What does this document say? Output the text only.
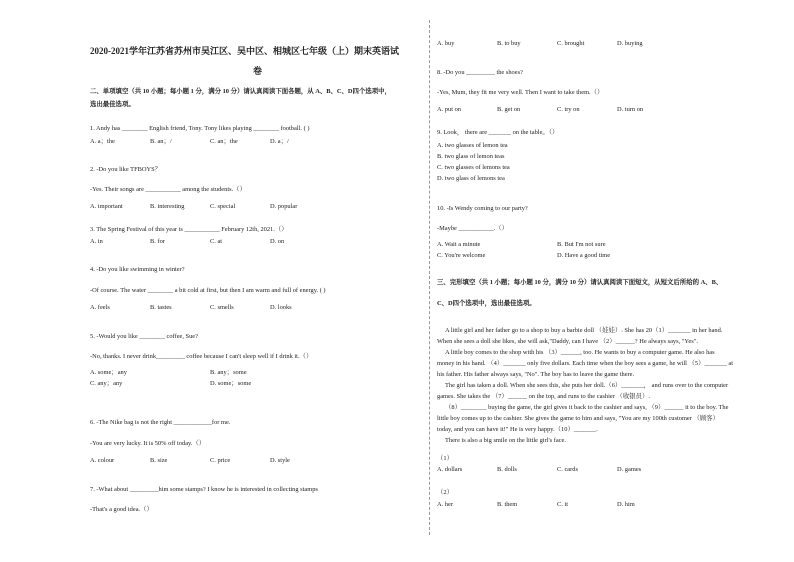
2020-2021学年江苏省苏州市吴江区、吴中区、相城区七年级（上）期末英语试
卷
二、单项填空（共 10 小题；每小题 1 分，满分 10 分）请认真阅读下面各题，从 A、B、C、D四个选项中，
选出最佳选项。
1. Andy has ________ English friend, Tony. Tony likes playing ________ football. ( )
A. a；the	B. an；/	C. an；the	D. a；/
2. -Do you like TFBOYS？
-Yes. Their songs are ___________ among the students.（）
A. important	B. interesting	C. special	D. popular
3. The Spring Festival of this year is ___________ February 12th, 2021.（）
A. in	B. for	C. at	D. on
4. -Do you like swimming in winter?
-Of course. The water ________ a bit cold at first, but then I am warm and full of energy. ( )
A. feels	B. tastes	C. smells	D. looks
5. -Would you like ________ coffee, Sue?
-No, thanks. I never drink_________ coffee because I can't sleep well if I drink it.（）
A. some；any	B. any；some
C. any；any	D. some；some
6. -The Nike bag is not the right ____________for me.
-You are very lucky. It is 50% off today.（）
A. colour	B. size	C. price	D. style
7. -What about _________him some stamps? I know he is interested in collecting stamps
-That's a good idea.（）
A. buy	B. to buy	C. brought	D. buying
8. -Do you _________ the shoes?
-Yes, Mum, they fit me very well. Then I want to take them.（）
A. put on	B. get on	C. try on	D. turn on
9. Look， there are _______ on the table。（）
A. two glasses of lemon tea
B. two glass of lemon teas
C. two glasses of lemons tea
D. two glass of lemons tea
10. -Is Wendy coming to our party?
-Maybe ___________.（）
A. Wait a minute	B. But I'm not sure
C. You're welcome	D. Have a good time
三、完形填空（共 1 小题；每小题 10 分，满分 10 分）请认真阅读下面短文，从短文后所给的 A、B、
C、D四个选项中，选出最佳选项。
A little girl and her father go to a shop to buy a barbie doll （娃娃）. She has 20（1）_______ in her hand.
When she sees a doll she likes, she will ask,"Daddy, can I have （2）______? He always says, "Yes".
A little boy comes to the shop with his （3）______, too. He wants to buy a computer game. He also has
money in his hand. （4）_______ only five dollars. Each time when the boy sees a game, he will （5）_______ at
his father. His father always says, "No". The boy has to leave the game there.
The girl has taken a doll. When she sees this, she puts her doll.（6）_______， and runs over to the computer
games. She takes the （7）______ on the top, and runs to the cashier （收银员）.
（8）________ buying the game, the girl gives it back to the cashier and says, （9）______ it to the boy. The
little boy comes up to the cashier. She gives the game to him and says, "You are my 100th customer （顾客）
today, and you can have it!" He is very happy.（10）_______.
There is also a big smile on the little girl's face.
（1）
A. dollars	B. dolls	C. cards	D. games
（2）
A. her	B. them	C. it	D. him
